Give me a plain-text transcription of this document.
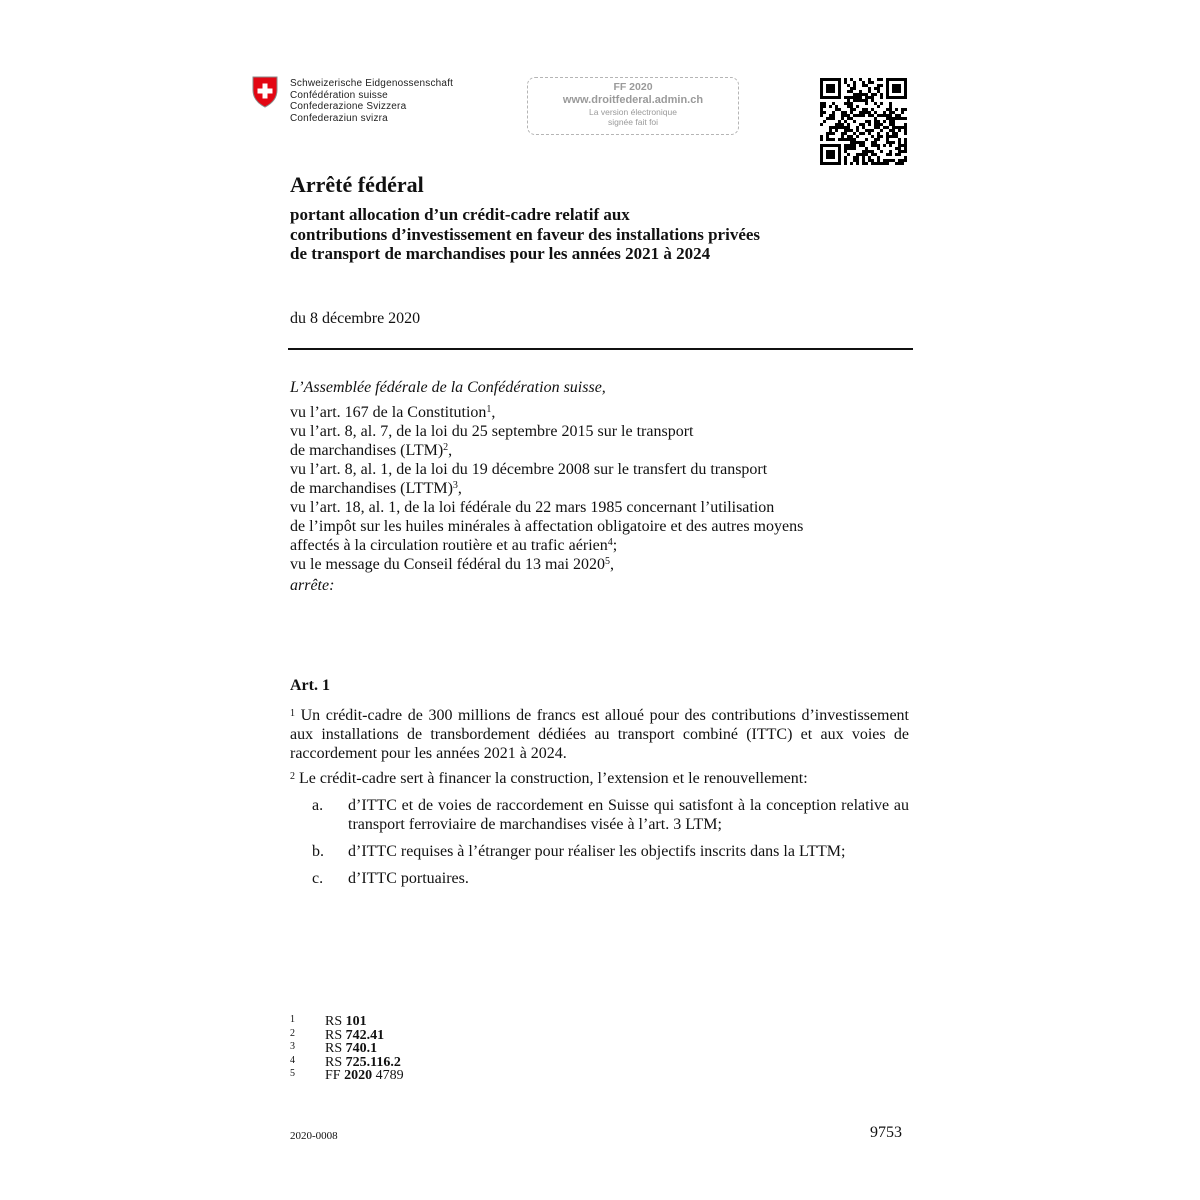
Schweizerische Eidgenossenschaft
Confédération suisse
Confederazione Svizzera
Confederaziun svizra
FF 2020
www.droitfederal.admin.ch
La version électronique
signée fait foi
Arrêté fédéral
portant allocation d’un crédit-cadre relatif aux
contributions d’investissement en faveur des installations privées
de transport de marchandises pour les années 2021 à 2024
du 8 décembre 2020
L’Assemblée fédérale de la Confédération suisse,
vu l’art. 167 de la Constitution$^1$,
vu l’art. 8, al. 7, de la loi du 25 septembre 2015 sur le transport
de marchandises (LTM)$^2$,
vu l’art. 8, al. 1, de la loi du 19 décembre 2008 sur le transfert du transport
de marchandises (LTTM)$^3$,
vu l’art. 18, al. 1, de la loi fédérale du 22 mars 1985 concernant l’utilisation
de l’impôt sur les huiles minérales à affectation obligatoire et des autres moyens
affectés à la circulation routière et au trafic aérien$^4$;
vu le message du Conseil fédéral du 13 mai 2020$^5$,
arrête:
Art. 1
$^1$ Un crédit-cadre de 300 millions de francs est alloué pour des contributions d’investissement aux installations de transbordement dédiées au transport combiné (ITTC) et aux voies de raccordement pour les années 2021 à 2024.
$^2$ Le crédit-cadre sert à financer la construction, l’extension et le renouvellement:
a.	d’ITTC et de voies de raccordement en Suisse qui satisfont à la conception relative au transport ferroviaire de marchandises visée à l’art. 3 LTM;
b.	d’ITTC requises à l’étranger pour réaliser les objectifs inscrits dans la LTTM;
c.	d’ITTC portuaires.
1	RS 101
2	RS 742.41
3	RS 740.1
4	RS 725.116.2
5	FF 2020 4789
2020-0008	9753
